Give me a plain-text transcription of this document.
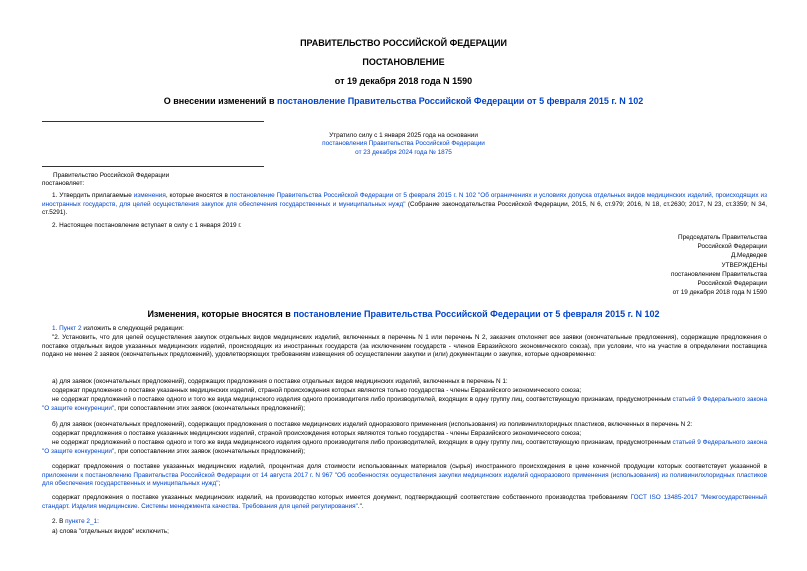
ПРАВИТЕЛЬСТВО РОССИЙСКОЙ ФЕДЕРАЦИИ
ПОСТАНОВЛЕНИЕ
от 19 декабря 2018 года N 1590
О внесении изменений в постановление Правительства Российской Федерации от 5 февраля 2015 г. N 102
Утратило силу с 1 января 2025 года на основании
постановления Правительства Российской Федерации
от 23 декабря 2024 года № 1875
Правительство Российской Федерации
постановляет:
1. Утвердить прилагаемые изменения, которые вносятся в постановление Правительства Российской Федерации от 5 февраля 2015 г. N 102 "Об ограничениях и условиях допуска отдельных видов медицинских изделий, происходящих из иностранных государств, для целей осуществления закупок для обеспечения государственных и муниципальных нужд" (Собрание законодательства Российской Федерации, 2015, N 6, ст.979; 2016, N 18, ст.2630; 2017, N 23, ст.3359; N 34, ст.5291).
2. Настоящее постановление вступает в силу с 1 января 2019 г.
Председатель Правительства
Российской Федерации
Д.Медведев
УТВЕРЖДЕНЫ
постановлением Правительства
Российской Федерации
от 19 декабря 2018 года N 1590
Изменения, которые вносятся в постановление Правительства Российской Федерации от 5 февраля 2015 г. N 102
1. Пункт 2 изложить в следующей редакции:
"2. Установить, что для целей осуществления закупок отдельных видов медицинских изделий, включенных в перечень N 1 или перечень N 2, заказчик отклоняет все заявки (окончательные предложения), содержащие предложения о поставке отдельных видов указанных медицинских изделий, происходящих из иностранных государств (за исключением государств - членов Евразийского экономического союза), при условии, что на участие в определении поставщика подано не менее 2 заявок (окончательных предложений), удовлетворяющих требованиям извещения об осуществлении закупки и (или) документации о закупке, которые одновременно:
а) для заявок (окончательных предложений), содержащих предложения о поставке отдельных видов медицинских изделий, включенных в перечень N 1:
содержат предложения о поставке указанных медицинских изделий, страной происхождения которых являются только государства - члены Евразийского экономического союза;
не содержат предложений о поставке одного и того же вида медицинского изделия одного производителя либо производителей, входящих в одну группу лиц, соответствующую признакам, предусмотренным статьей 9 Федерального закона "О защите конкуренции", при сопоставлении этих заявок (окончательных предложений);
б) для заявок (окончательных предложений), содержащих предложения о поставке медицинских изделий одноразового применения (использования) из поливинилхлоридных пластиков, включенных в перечень N 2:
содержат предложения о поставке указанных медицинских изделий, страной происхождения которых являются только государства - члены Евразийского экономического союза;
не содержат предложений о поставке одного и того же вида медицинского изделия одного производителя либо производителей, входящих в одну группу лиц, соответствующую признакам, предусмотренным статьей 9 Федерального закона "О защите конкуренции", при сопоставлении этих заявок (окончательных предложений);
содержат предложения о поставке указанных медицинских изделий, процентная доля стоимости использованных материалов (сырья) иностранного происхождения в цене конечной продукции которых соответствует указанной в приложении к постановлению Правительства Российской Федерации от 14 августа 2017 г. N 967 "Об особенностях осуществления закупки медицинских изделий одноразового применения (использования) из поливинилхлоридных пластиков для обеспечения государственных и муниципальных нужд";
содержат предложения о поставке указанных медицинских изделий, на производство которых имеется документ, подтверждающий соответствие собственного производства требованиям ГОСТ ISO 13485-2017 "Межгосударственный стандарт. Изделия медицинские. Системы менеджмента качества. Требования для целей регулирования".".
2. В пункте 2_1:
а) слова "отдельных видов" исключить;
